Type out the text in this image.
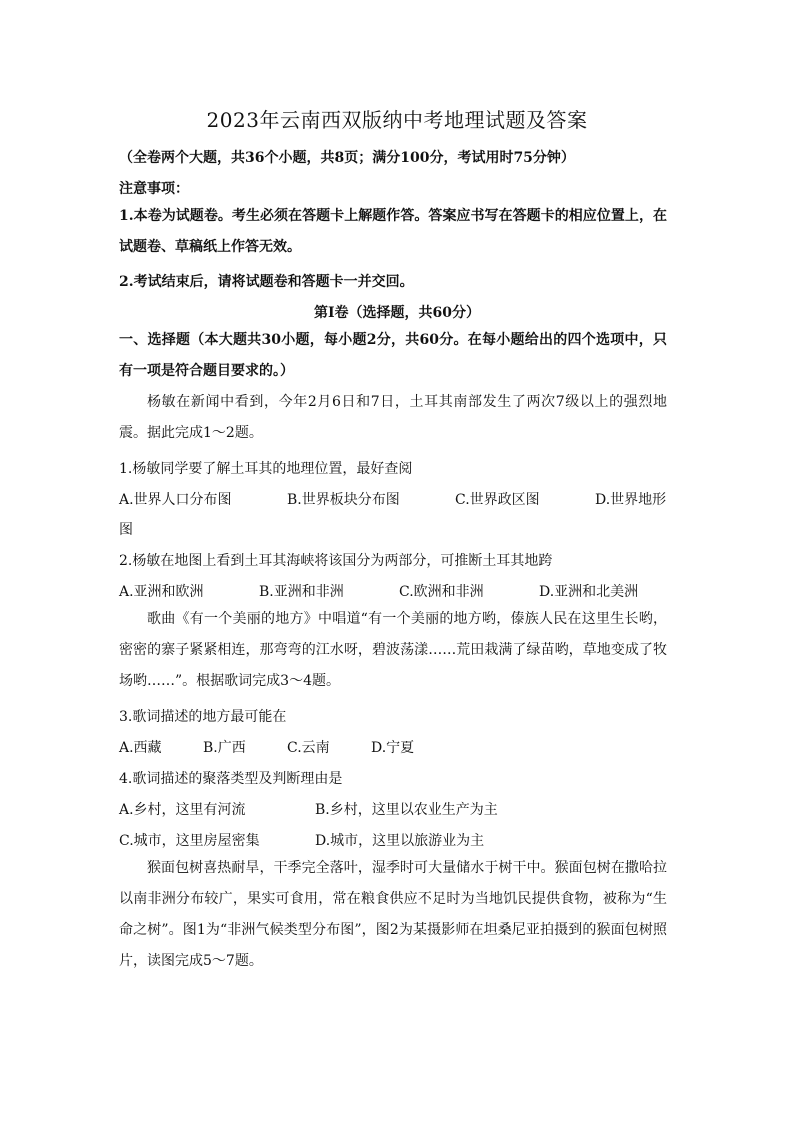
2023年云南西双版纳中考地理试题及答案
（全卷两个大题，共36个小题，共8页；满分100分，考试用时75分钟）
注意事项：
1.本卷为试题卷。考生必须在答题卡上解题作答。答案应书写在答题卡的相应位置上，在试题卷、草稿纸上作答无效。
2.考试结束后，请将试题卷和答题卡一并交回。
第I卷（选择题，共60分）
一、选择题（本大题共30小题，每小题2分，共60分。在每小题给出的四个选项中，只有一项是符合题目要求的。）
杨敏在新闻中看到，今年2月6日和7日，土耳其南部发生了两次7级以上的强烈地震。据此完成1～2题。
1.杨敏同学要了解土耳其的地理位置，最好查阅
A.世界人口分布图	B.世界板块分布图	C.世界政区图	D.世界地形
图
2.杨敏在地图上看到土耳其海峡将该国分为两部分，可推断土耳其地跨
A.亚洲和欧洲	B.亚洲和非洲	C.欧洲和非洲	D.亚洲和北美洲
歌曲《有一个美丽的地方》中唱道“有一个美丽的地方哟，傣族人民在这里生长哟，密密的寨子紧紧相连，那弯弯的江水呀，碧波荡漾……荒田栽满了绿苗哟，草地变成了牧场哟……”。根据歌词完成3～4题。
3.歌词描述的地方最可能在
A.西藏	B.广西	C.云南	D.宁夏
4.歌词描述的聚落类型及判断理由是
A.乡村，这里有河流	B.乡村，这里以农业生产为主
C.城市，这里房屋密集	D.城市，这里以旅游业为主
猴面包树喜热耐旱，干季完全落叶，湿季时可大量储水于树干中。猴面包树在撒哈拉以南非洲分布较广，果实可食用，常在粮食供应不足时为当地饥民提供食物，被称为“生命之树”。图1为“非洲气候类型分布图”，图2为某摄影师在坦桑尼亚拍摄到的猴面包树照片，读图完成5～7题。
